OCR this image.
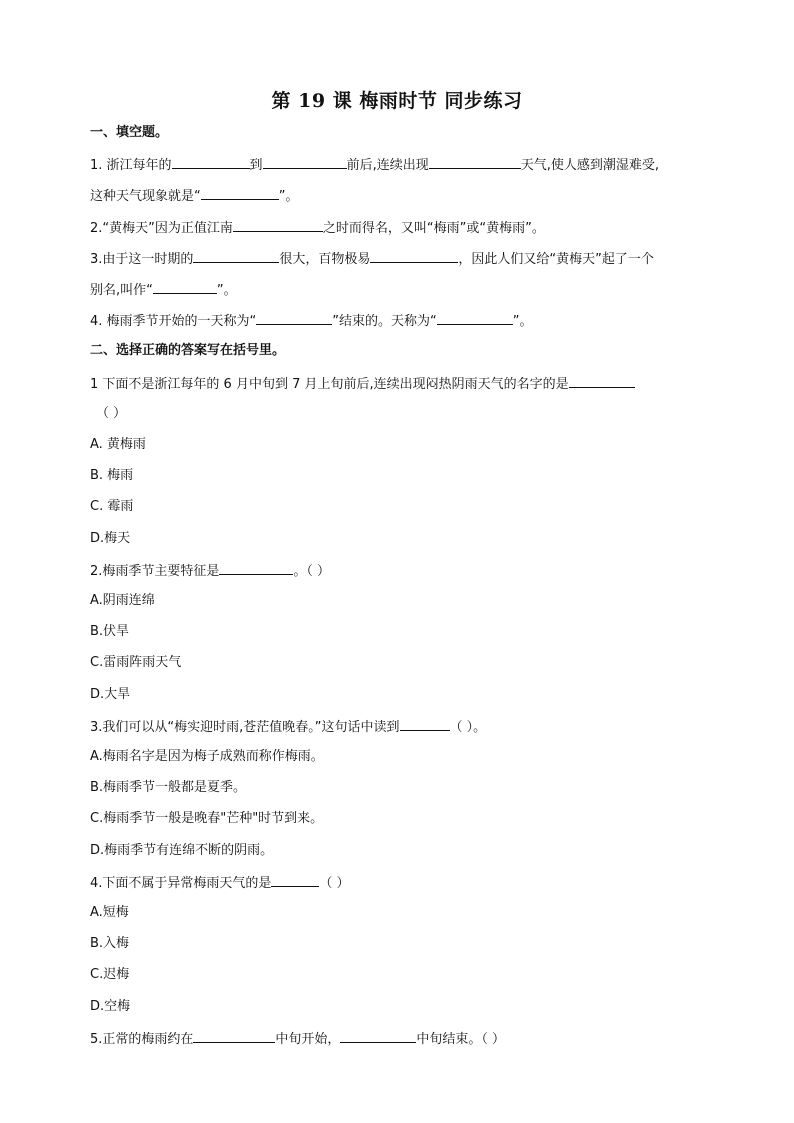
第 19 课 梅雨时节 同步练习
一、填空题。
1. 浙江每年的	到	前后,连续出现	天气,使人感到潮湿难受,
这种天气现象就是“	”。
2.“黄梅天”因为正值江南	之时而得名，又叫“梅雨”或“黄梅雨”。
3.由于这一时期的	很大，百物极易	，因此人们又给“黄梅天”起了一个
别名,叫作“	”。
4. 梅雨季节开始的一天称为“	”结束的。天称为“	”。
二、选择正确的答案写在括号里。
1 下面不是浙江每年的 6 月中旬到 7 月上旬前后,连续出现闷热阴雨天气的名字的是
（ ）
A. 黄梅雨
B. 梅雨
C. 霉雨
D.梅天
2.梅雨季节主要特征是	。（ ）
A.阴雨连绵
B.伏旱
C.雷雨阵雨天气
D.大旱
3.我们可以从“梅实迎时雨,苍茫值晚春。”这句话中读到	（ ）。
A.梅雨名字是因为梅子成熟而称作梅雨。
B.梅雨季节一般都是夏季。
C.梅雨季节一般是晚春"芒种"时节到来。
D.梅雨季节有连绵不断的阴雨。
4.下面不属于异常梅雨天气的是	（ ）
A.短梅
B.入梅
C.迟梅
D.空梅
5.正常的梅雨约在	中旬开始，	中旬结束。（ ）
